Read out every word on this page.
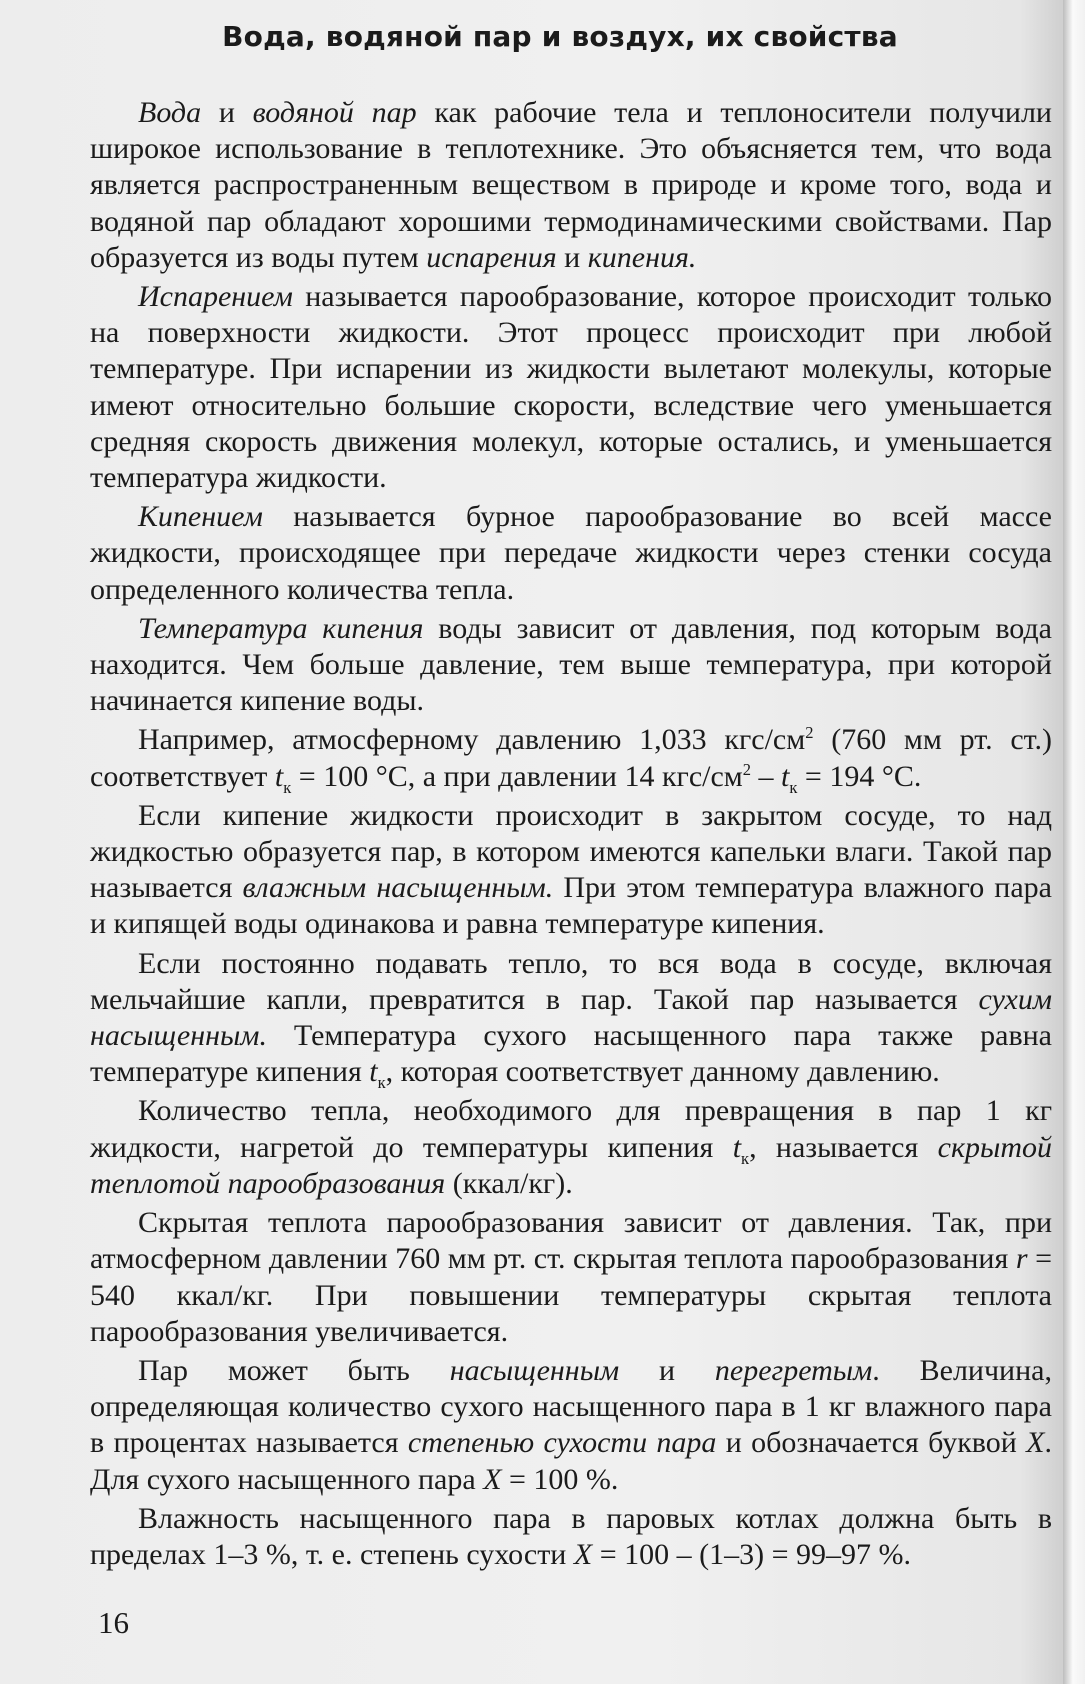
Вода, водяной пар и воздух, их свойства

Вода и водяной пар как рабочие тела и теплоносители получили широкое использование в теплотехнике. Это объясняется тем, что вода является распространенным веществом в природе и кроме того, вода и водяной пар обладают хорошими термодинамическими свойствами. Пар образуется из воды путем испарения и кипения.

Испарением называется парообразование, которое происходит только на поверхности жидкости. Этот процесс происходит при любой температуре. При испарении из жидкости вылетают молекулы, которые имеют относительно большие скорости, вследствие чего уменьшается средняя скорость движения молекул, которые остались, и уменьшается температура жидкости.

Кипением называется бурное парообразование во всей массе жидкости, происходящее при передаче жидкости через стенки сосуда определенного количества тепла.

Температура кипения воды зависит от давления, под которым вода находится. Чем больше давление, тем выше температура, при которой начинается кипение воды.

Например, атмосферному давлению 1,033 кгс/$см^2$ (760 мм рт. ст.) соответствует $t_к = 100$ °С, а при давлении 14 кгс/$см^2 - t_к = 194$ °С.

Если кипение жидкости происходит в закрытом сосуде, то над жидкостью образуется пар, в котором имеются капельки влаги. Такой пар называется влажным насыщенным. При этом температура влажного пара и кипящей воды одинакова и равна температуре кипения.

Если постоянно подавать тепло, то вся вода в сосуде, включая мельчайшие капли, превратится в пар. Такой пар называется сухим насыщенным. Температура сухого насыщенного пара также равна температуре кипения $t_к$, которая соответствует данному давлению.

Количество тепла, необходимого для превращения в пар 1 кг жидкости, нагретой до температуры кипения $t_к$, называется скрытой теплотой парообразования (ккал/кг).

Скрытая теплота парообразования зависит от давления. Так, при атмосферном давлении 760 мм рт. ст. скрытая теплота парообразования r = 540 ккал/кг. При повышении температуры скрытая теплота парообразования увеличивается.

Пар может быть насыщенным и перегретым. Величина, определяющая количество сухого насыщенного пара в 1 кг влажного пара в процентах называется степенью сухости пара и обозначается буквой X. Для сухого насыщенного пара X = 100 %.

Влажность насыщенного пара в паровых котлах должна быть в пределах 1–3 %, т. е. степень сухости X = 100 – (1–3) = 99–97 %.

16
